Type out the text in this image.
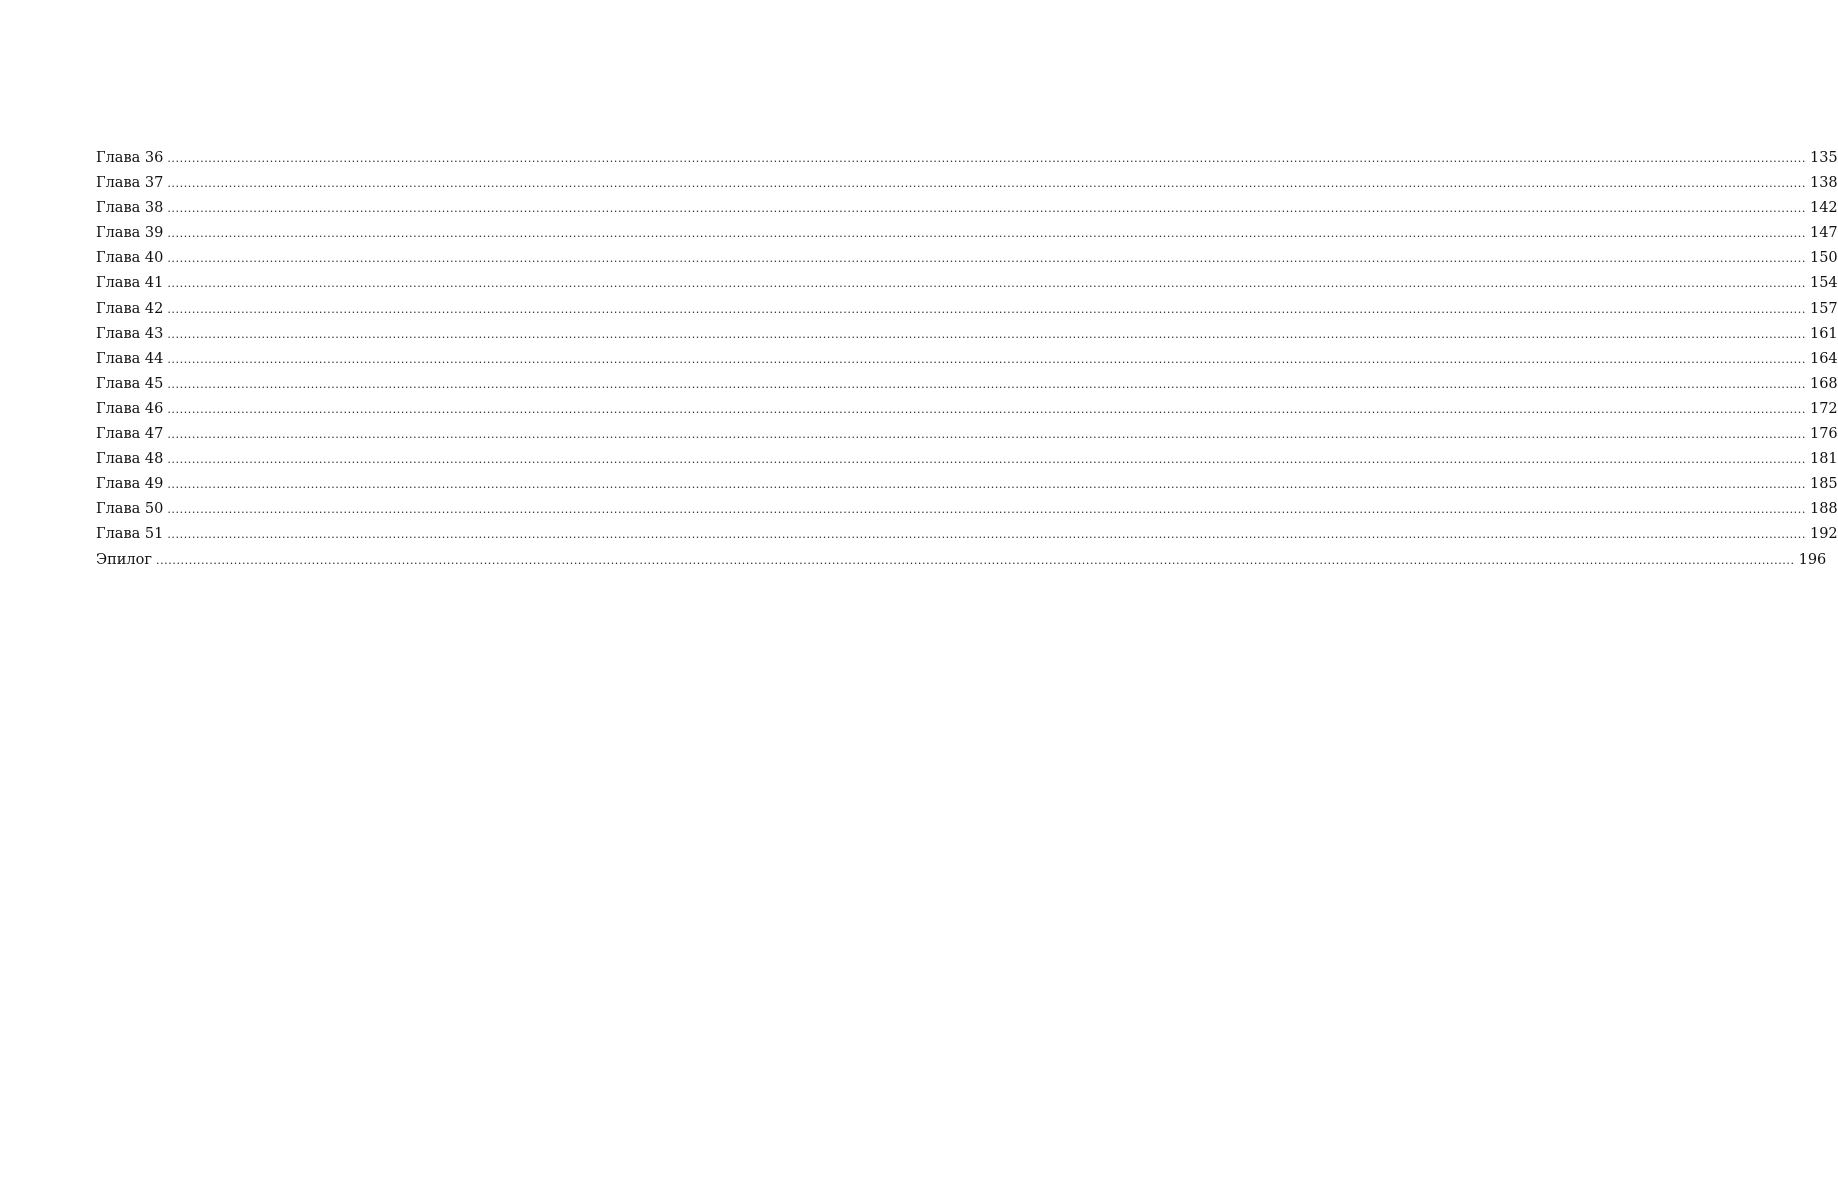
Глава 36 ................................................................................................................................................................................................................................................................................................................................................................................................................ 135
Глава 37 ................................................................................................................................................................................................................................................................................................................................................................................................................ 138
Глава 38 ................................................................................................................................................................................................................................................................................................................................................................................................................ 142
Глава 39 ................................................................................................................................................................................................................................................................................................................................................................................................................ 147
Глава 40 ................................................................................................................................................................................................................................................................................................................................................................................................................ 150
Глава 41 ................................................................................................................................................................................................................................................................................................................................................................................................................ 154
Глава 42 ................................................................................................................................................................................................................................................................................................................................................................................................................ 157
Глава 43 ................................................................................................................................................................................................................................................................................................................................................................................................................ 161
Глава 44 ................................................................................................................................................................................................................................................................................................................................................................................................................ 164
Глава 45 ................................................................................................................................................................................................................................................................................................................................................................................................................ 168
Глава 46 ................................................................................................................................................................................................................................................................................................................................................................................................................ 172
Глава 47 ................................................................................................................................................................................................................................................................................................................................................................................................................ 176
Глава 48 ................................................................................................................................................................................................................................................................................................................................................................................................................ 181
Глава 49 ................................................................................................................................................................................................................................................................................................................................................................................................................ 185
Глава 50 ................................................................................................................................................................................................................................................................................................................................................................................................................ 188
Глава 51 ................................................................................................................................................................................................................................................................................................................................................................................................................ 192
Эпилог ................................................................................................................................................................................................................................................................................................................................................................................................................ 196
